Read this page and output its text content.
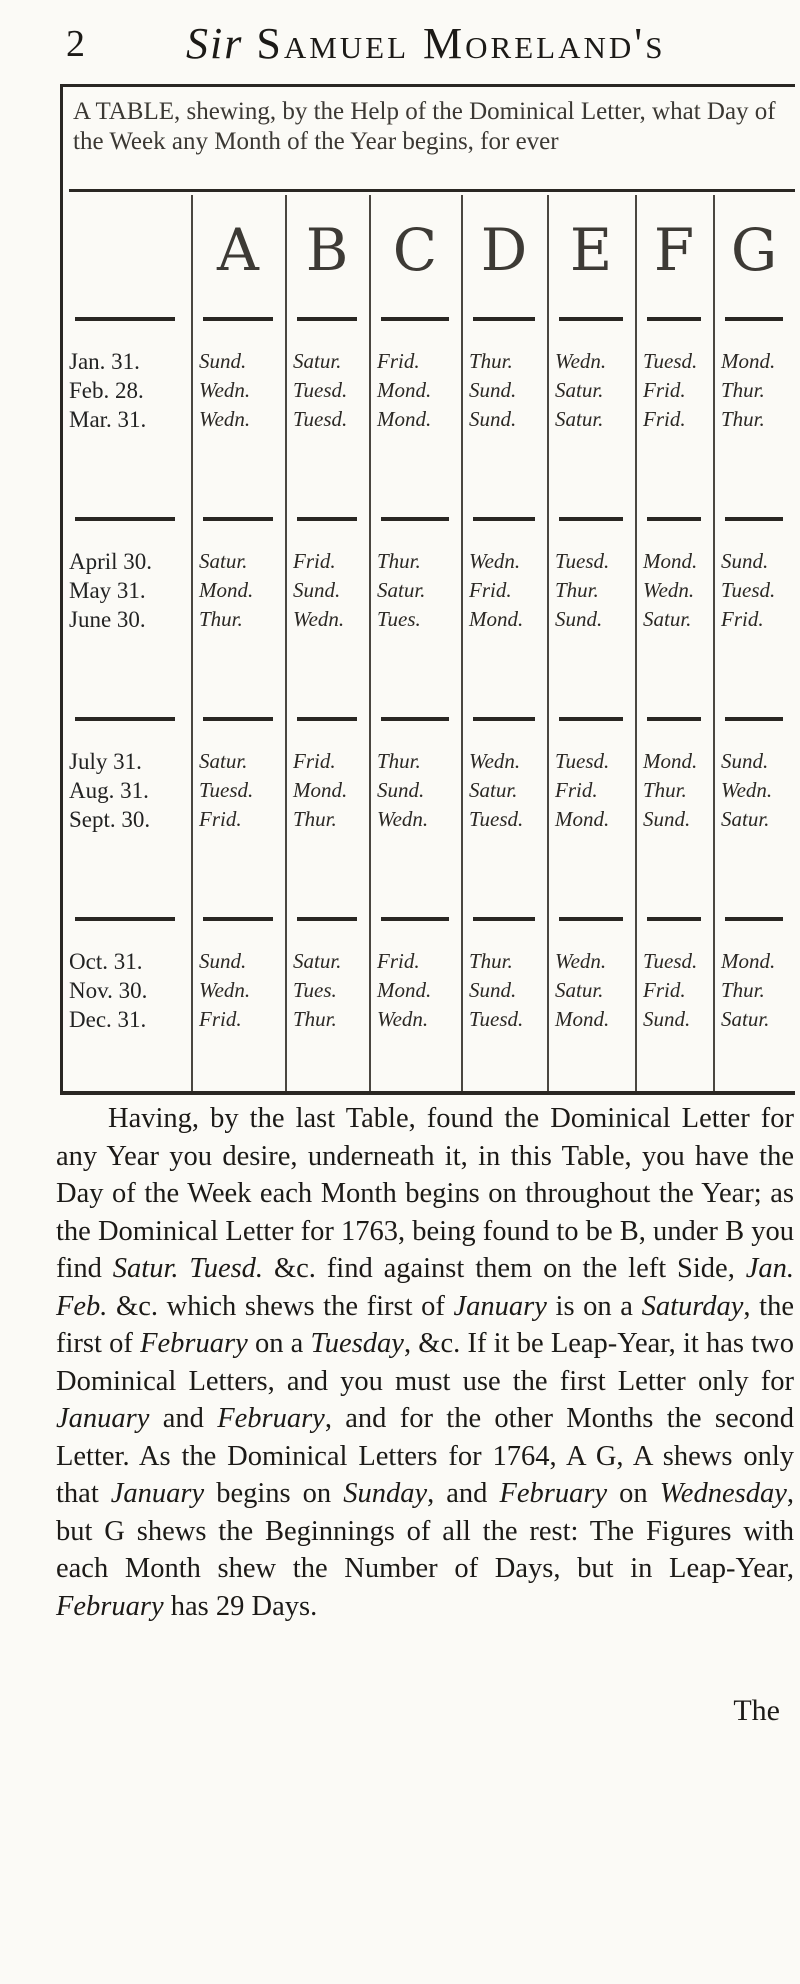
2 Sir Samuel Moreland's
A TABLE, shewing, by the Help of the Dominical Letter, what Day of the Week any Month of the Year begins, for ever
A B C D E F G
Jan. 31.
Feb. 28.
Mar. 31.
Sund.
Wedn.
Wedn.
Satur.
Tuesd.
Tuesd.
Frid.
Mond.
Mond.
Thur.
Sund.
Sund.
Wedn.
Satur.
Satur.
Tuesd.
Frid.
Frid.
Mond.
Thur.
Thur.
April 30.
May 31.
June 30.
Satur.
Mond.
Thur.
Frid.
Sund.
Wedn.
Thur.
Satur.
Tues.
Wedn.
Frid.
Mond.
Tuesd.
Thur.
Sund.
Mond.
Wedn.
Satur.
Sund.
Tuesd.
Frid.
July 31.
Aug. 31.
Sept. 30.
Satur.
Tuesd.
Frid.
Frid.
Mond.
Thur.
Thur.
Sund.
Wedn.
Wedn.
Satur.
Tuesd.
Tuesd.
Frid.
Mond.
Mond.
Thur.
Sund.
Sund.
Wedn.
Satur.
Oct. 31.
Nov. 30.
Dec. 31.
Sund.
Wedn.
Frid.
Satur.
Tues.
Thur.
Frid.
Mond.
Wedn.
Thur.
Sund.
Tuesd.
Wedn.
Satur.
Mond.
Tuesd.
Frid.
Sund.
Mond.
Thur.
Satur.

Having, by the last Table, found the Dominical Letter for any Year you desire, underneath it, in this Table, you have the Day of the Week each Month begins on throughout the Year; as the Dominical Letter for 1763, being found to be B, under B you find Satur. Tuesd. &c. find against them on the left Side, Jan. Feb. &c. which shews the first of January is on a Saturday, the first of February on a Tuesday, &c. If it be Leap-Year, it has two Dominical Letters, and you must use the first Letter only for January and February, and for the other Months the second Letter. As the Dominical Letters for 1764, A G, A shews only that January begins on Sunday, and February on Wednesday, but G shews the Beginnings of all the rest: The Figures with each Month shew the Number of Days, but in Leap-Year, February has 29 Days.

The
